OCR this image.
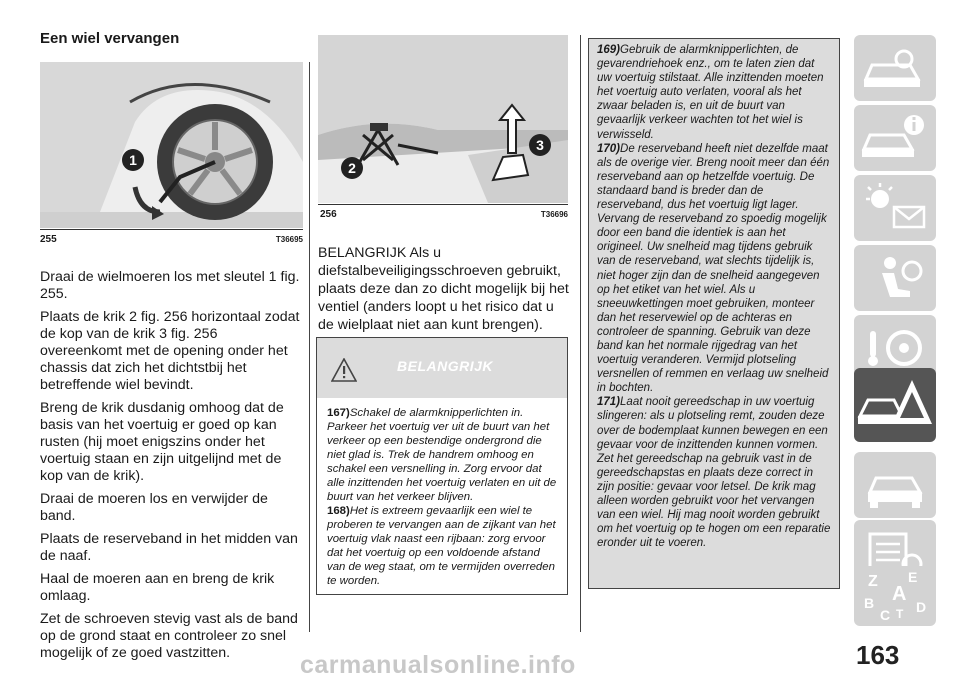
Een wiel vervangen
1
255	T36695

Draai de wielmoeren los met sleutel 1 fig. 255.

Plaats de krik 2 fig. 256 horizontaal zodat de kop van de krik 3 fig. 256 overeenkomt met de opening onder het chassis dat zich het dichtstbij het betreffende wiel bevindt.

Breng de krik dusdanig omhoog dat de basis van het voertuig er goed op kan rusten (hij moet enigszins onder het voertuig staan en zijn uitgelijnd met de kop van de krik).

Draai de moeren los en verwijder de band.

Plaats de reserveband in het midden van de naaf.

Haal de moeren aan en breng de krik omlaag.

Zet de schroeven stevig vast als de band op de grond staat en controleer zo snel mogelijk of ze goed vastzitten.

2
3
256	T36696
BELANGRIJK Als u diefstalbeveiligingsschroeven gebruikt, plaats deze dan zo dicht mogelijk bij het ventiel (anders loopt u het risico dat u de wielplaat niet aan kunt brengen).
BELANGRIJK

167)Schakel de alarmknipperlichten in. Parkeer het voertuig ver uit de buurt van het verkeer op een bestendige ondergrond die niet glad is. Trek de handrem omhoog en schakel een versnelling in. Zorg ervoor dat alle inzittenden het voertuig verlaten en uit de buurt van het verkeer blijven.

168)Het is extreem gevaarlijk een wiel te proberen te vervangen aan de zijkant van het voertuig vlak naast een rijbaan: zorg ervoor dat het voertuig op een voldoende afstand van de weg staat, om te vermijden overreden te worden.

169)Gebruik de alarmknipperlichten, de gevarendriehoek enz., om te laten zien dat uw voertuig stilstaat. Alle inzittenden moeten het voertuig auto verlaten, vooral als het zwaar beladen is, en uit de buurt van gevaarlijk verkeer wachten tot het wiel is verwisseld.

170)De reserveband heeft niet dezelfde maat als de overige vier. Breng nooit meer dan één reserveband aan op hetzelfde voertuig. De standaard band is breder dan de reserveband, dus het voertuig ligt lager. Vervang de reserveband zo spoedig mogelijk door een band die identiek is aan het origineel. Uw snelheid mag tijdens gebruik van de reserveband, wat slechts tijdelijk is, niet hoger zijn dan de snelheid aangegeven op het etiket van het wiel. Als u sneeuwkettingen moet gebruiken, monteer dan het reservewiel op de achteras en controleer de spanning. Gebruik van deze band kan het normale rijgedrag van het voertuig veranderen. Vermijd plotseling versnellen of remmen en verlaag uw snelheid in bochten.

171)Laat nooit gereedschap in uw voertuig slingeren: als u plotseling remt, zouden deze over de bodemplaat kunnen bewegen en een gevaar voor de inzittenden kunnen vormen. Zet het gereedschap na gebruik vast in de gereedschapstas en plaats deze correct in zijn positie: gevaar voor letsel. De krik mag alleen worden gebruikt voor het vervangen van een wiel. Hij mag nooit worden gebruikt om het voertuig op te hogen om een reparatie eronder uit te voeren.

Z E
A
B
C T D
163
carmanualsonline.info
